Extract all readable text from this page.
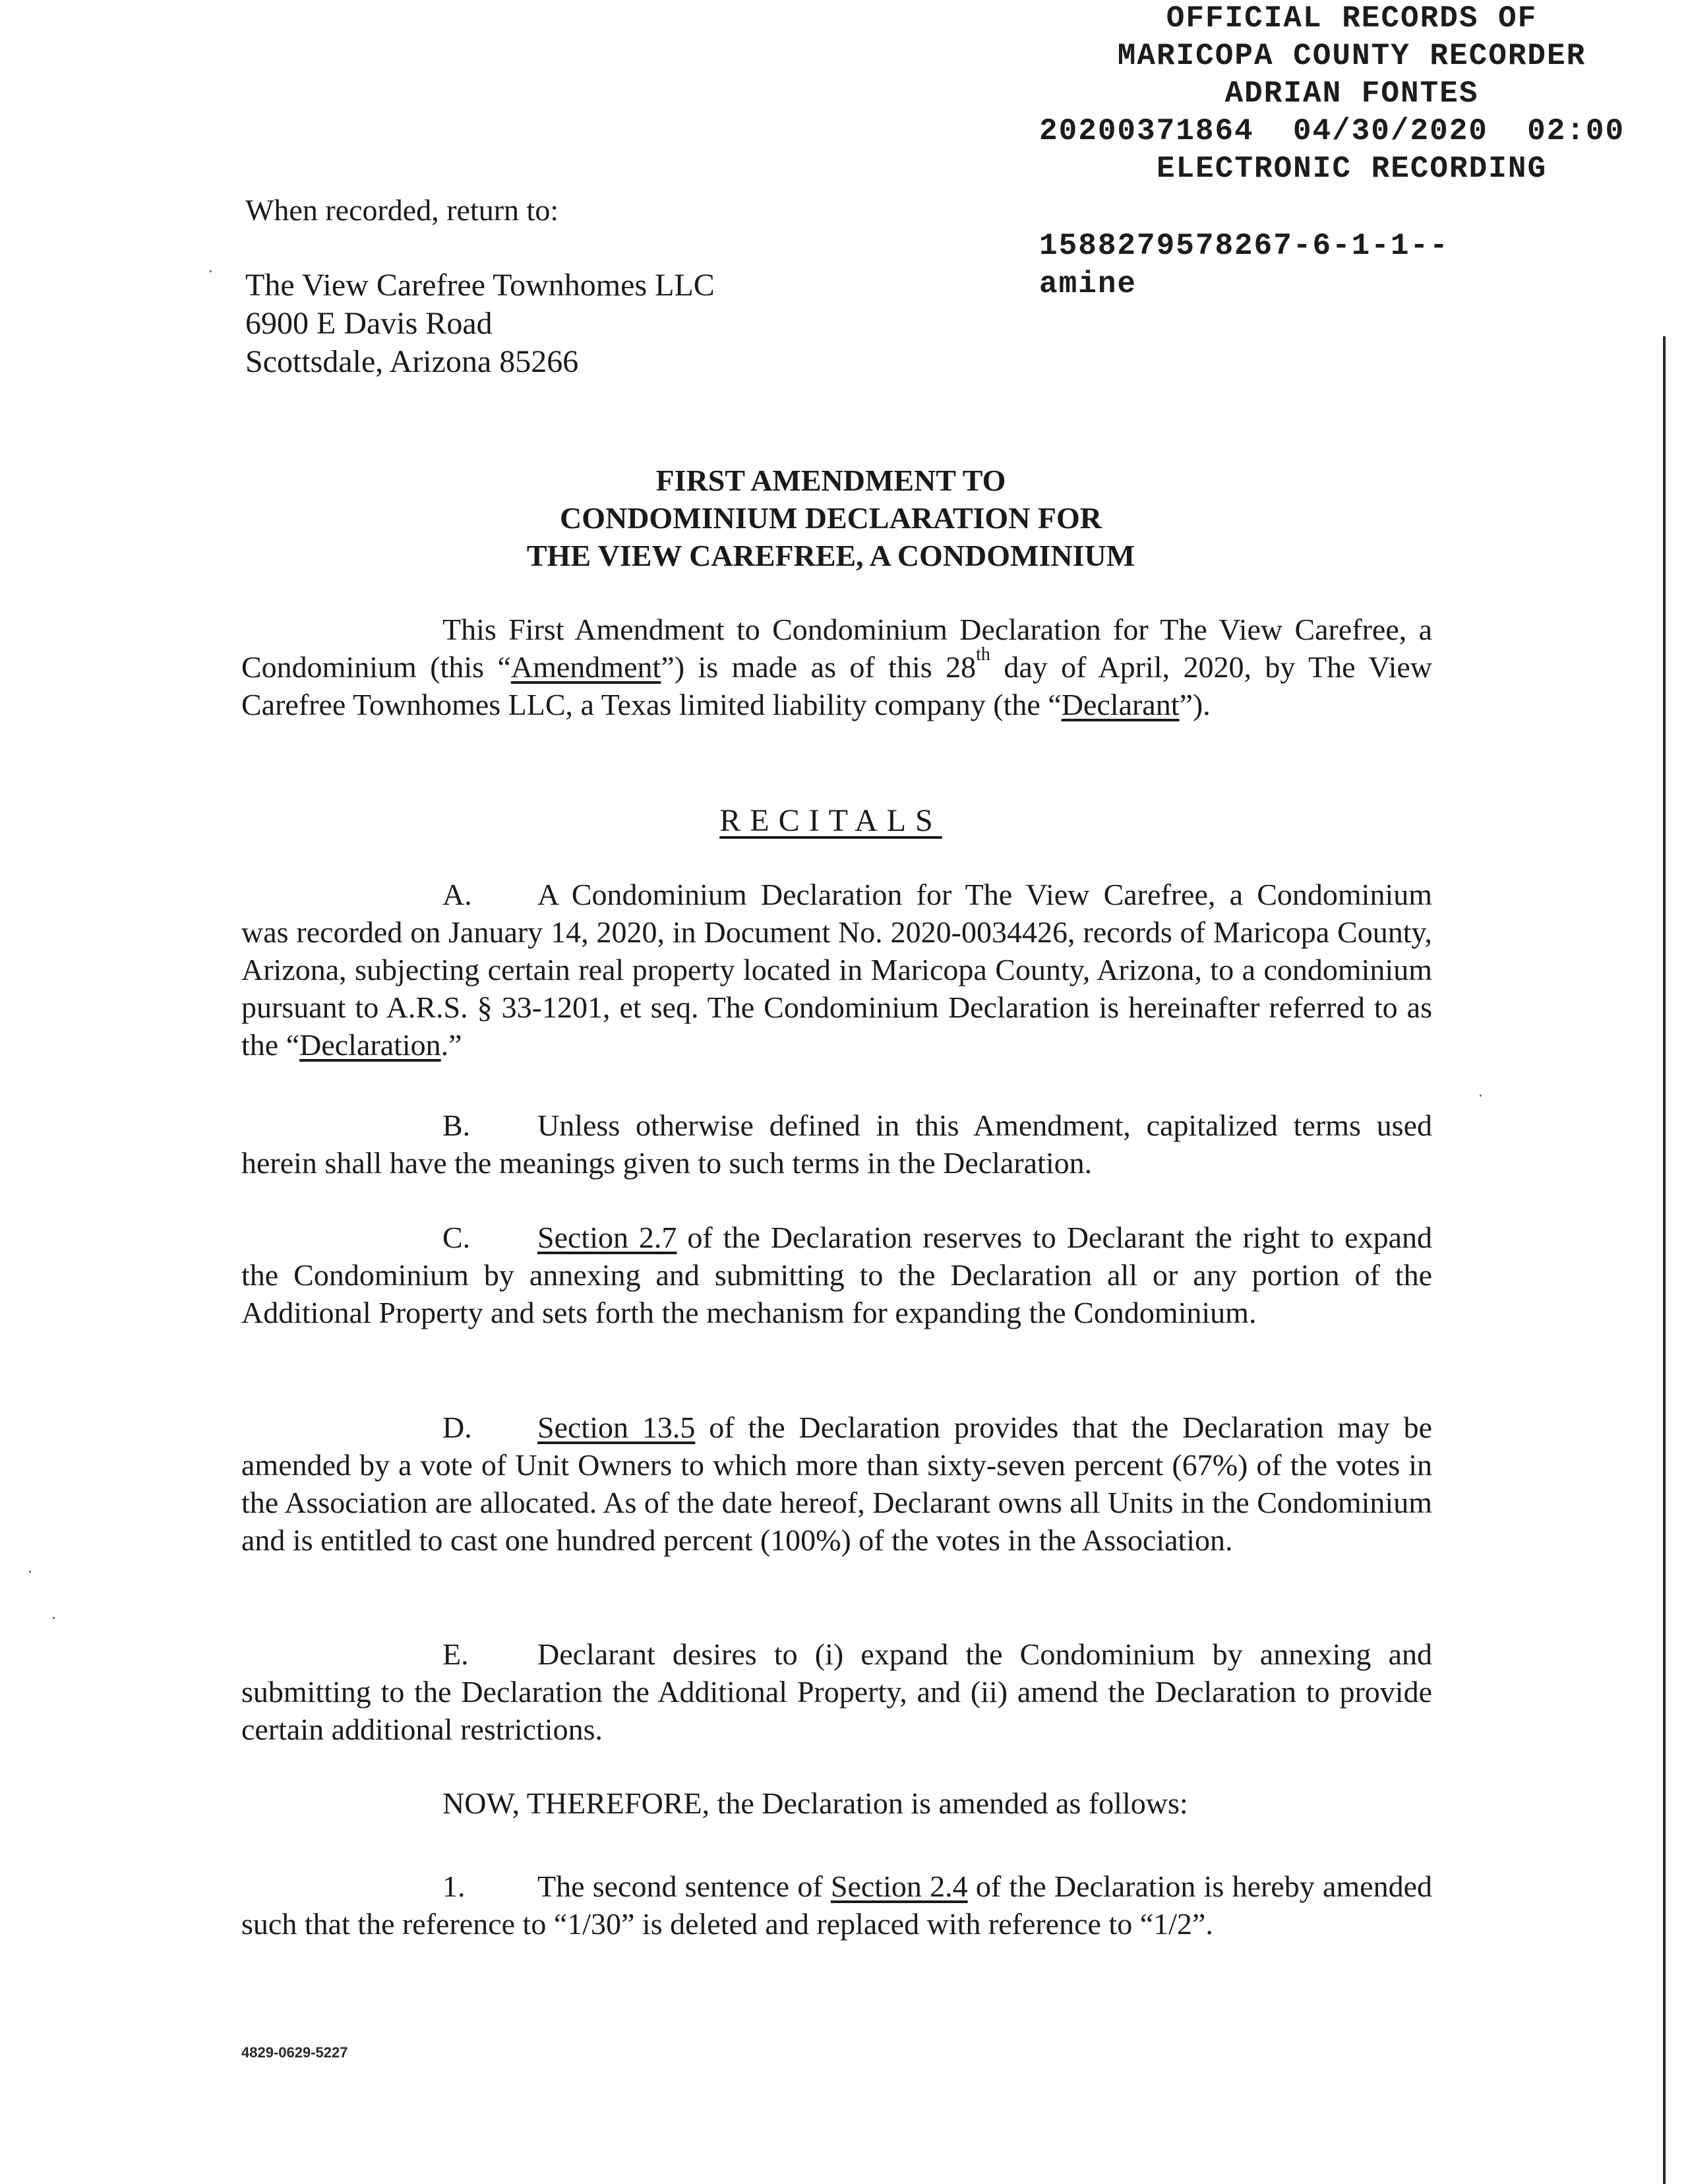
OFFICIAL RECORDS OF
MARICOPA COUNTY RECORDER
ADRIAN FONTES
20200371864  04/30/2020  02:00
ELECTRONIC RECORDING
1588279578267-6-1-1--
amine
When recorded, return to:
The View Carefree Townhomes LLC
6900 E Davis Road
Scottsdale, Arizona 85266
FIRST AMENDMENT TO
CONDOMINIUM DECLARATION FOR
THE VIEW CAREFREE, A CONDOMINIUM
This First Amendment to Condominium Declaration for The View Carefree, a Condominium (this “Amendment”) is made as of this 28th day of April, 2020, by The View Carefree Townhomes LLC, a Texas limited liability company (the “Declarant”).
RECITALS
A. A Condominium Declaration for The View Carefree, a Condominium was recorded on January 14, 2020, in Document No. 2020-0034426, records of Maricopa County, Arizona, subjecting certain real property located in Maricopa County, Arizona, to a condominium pursuant to A.R.S. § 33-1201, et seq. The Condominium Declaration is hereinafter referred to as the “Declaration.”
B. Unless otherwise defined in this Amendment, capitalized terms used herein shall have the meanings given to such terms in the Declaration.
C. Section 2.7 of the Declaration reserves to Declarant the right to expand the Condominium by annexing and submitting to the Declaration all or any portion of the Additional Property and sets forth the mechanism for expanding the Condominium.
D. Section 13.5 of the Declaration provides that the Declaration may be amended by a vote of Unit Owners to which more than sixty-seven percent (67%) of the votes in the Association are allocated. As of the date hereof, Declarant owns all Units in the Condominium and is entitled to cast one hundred percent (100%) of the votes in the Association.
E. Declarant desires to (i) expand the Condominium by annexing and submitting to the Declaration the Additional Property, and (ii) amend the Declaration to provide certain additional restrictions.
NOW, THEREFORE, the Declaration is amended as follows:
1. The second sentence of Section 2.4 of the Declaration is hereby amended such that the reference to “1/30” is deleted and replaced with reference to “1/2”.
4829-0629-5227
